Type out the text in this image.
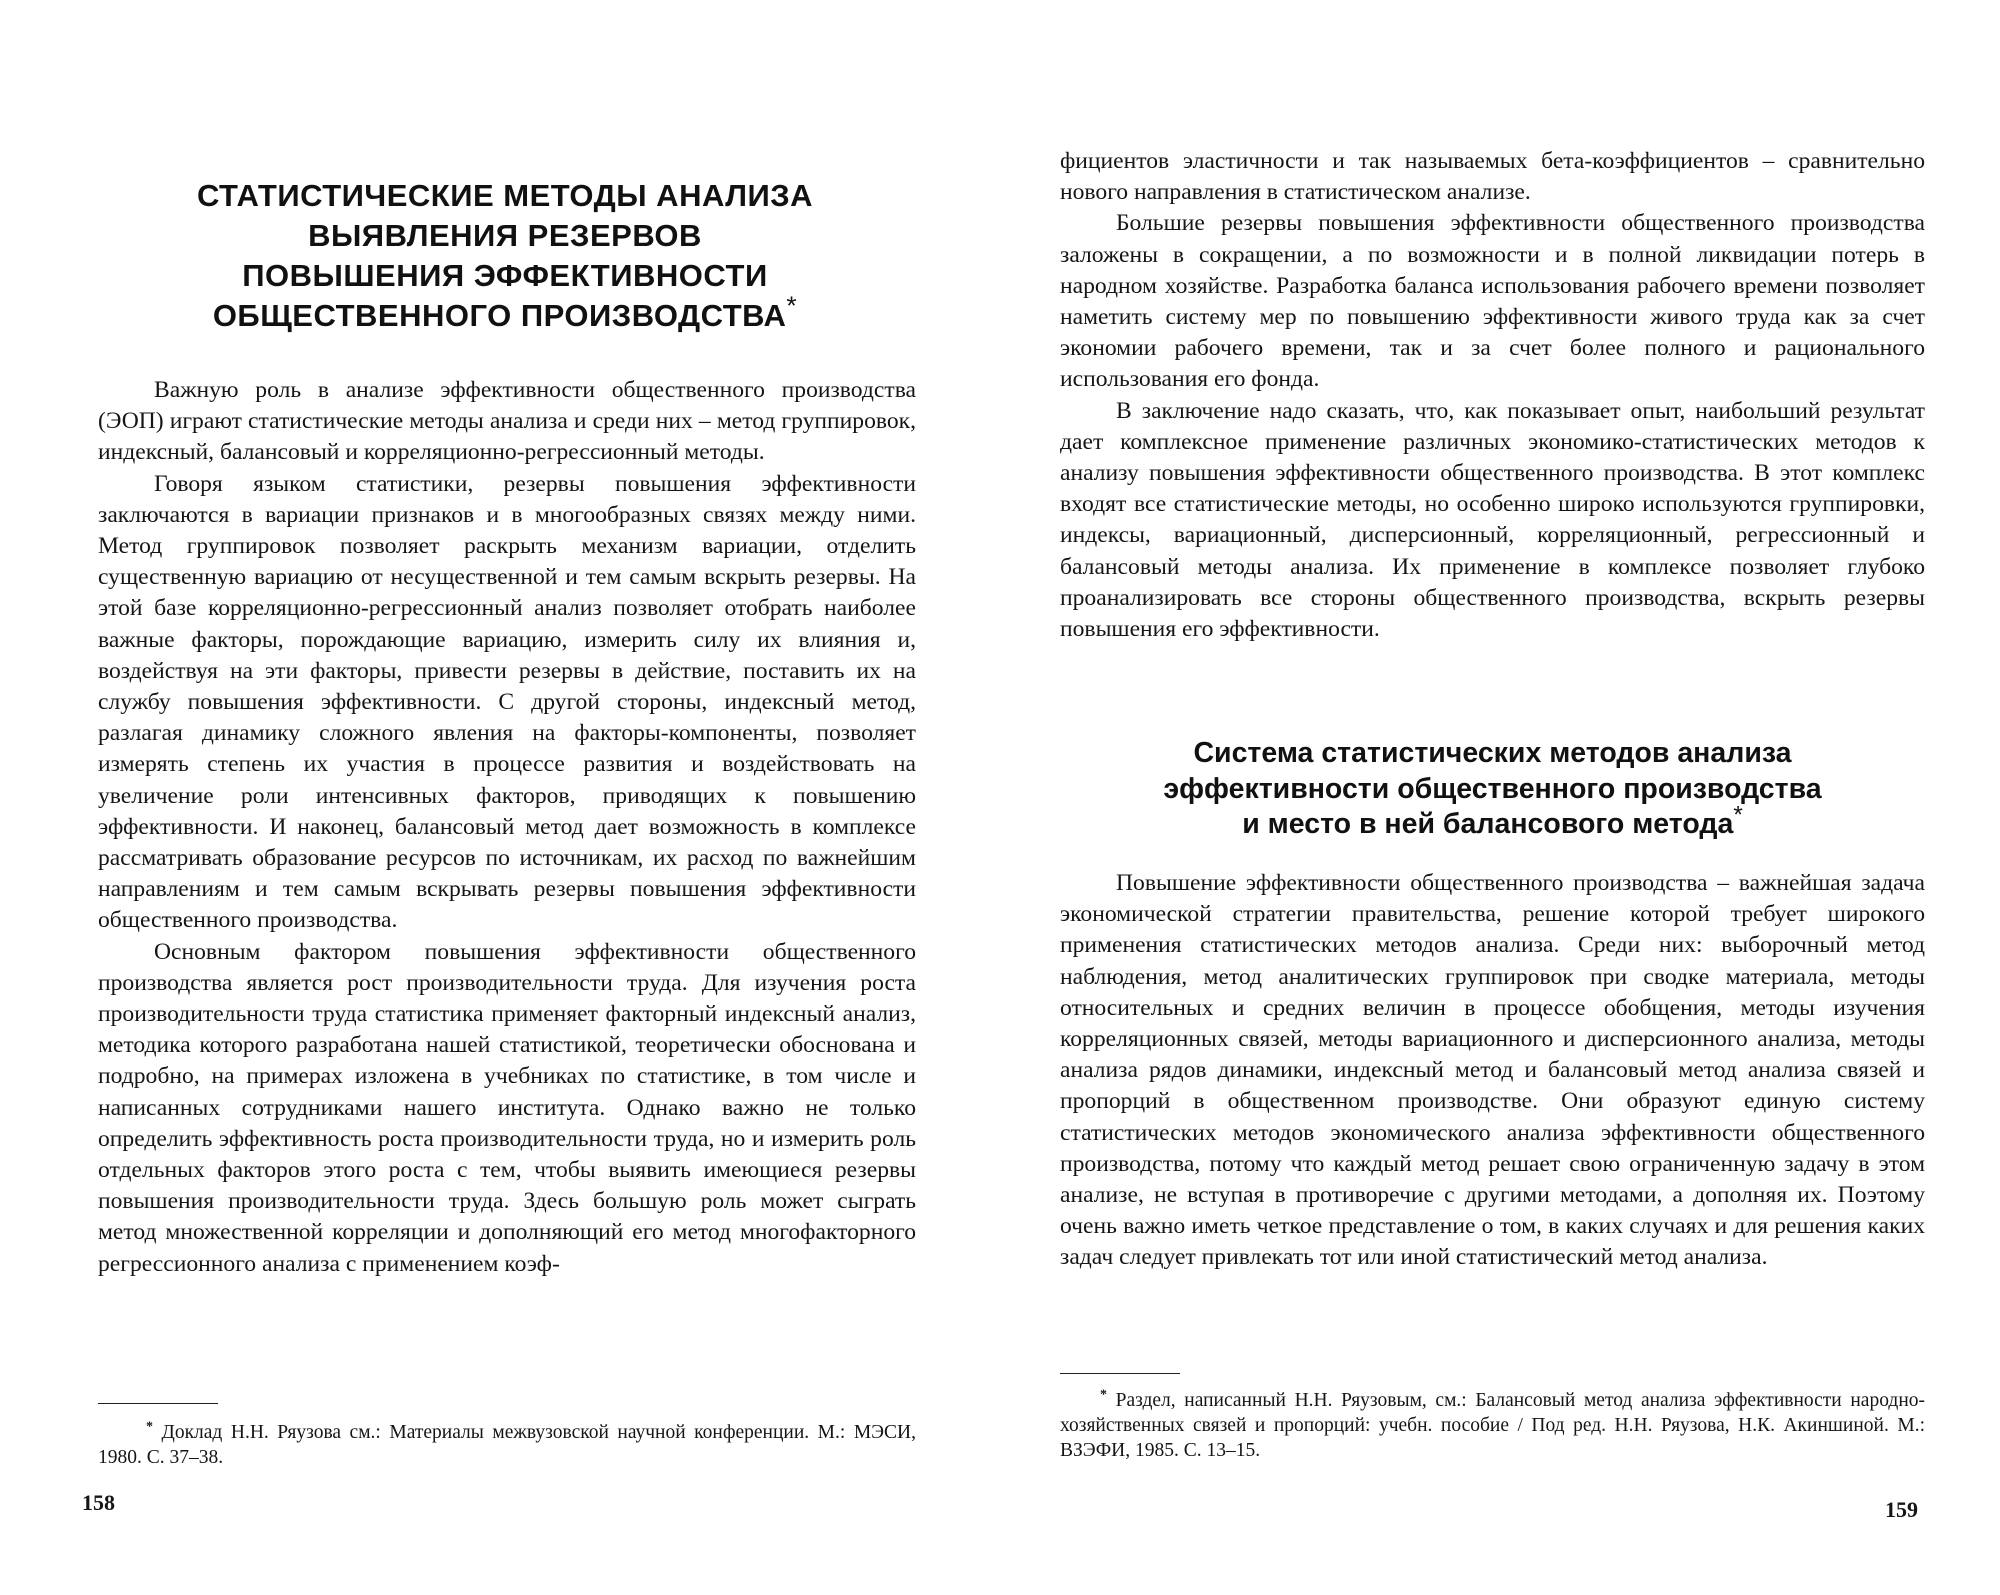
СТАТИСТИЧЕСКИЕ МЕТОДЫ АНАЛИЗА
ВЫЯВЛЕНИЯ РЕЗЕРВОВ
ПОВЫШЕНИЯ ЭФФЕКТИВНОСТИ
ОБЩЕСТВЕННОГО ПРОИЗВОДСТВА*

Важную роль в анализе эффективности общественного производства (ЭОП) играют статистические методы анализа и среди них – метод группировок, индексный, балансовый и корреляционно-регрессионный методы.

Говоря языком статистики, резервы повышения эффективности заключаются в вариации признаков и в многообразных связях между ними. Метод группировок позволяет раскрыть механизм вариации, отделить существенную вариацию от несущественной и тем самым вскрыть резервы. На этой базе корреляционно-регрессионный анализ позволяет отобрать наиболее важные факторы, порождающие вариацию, измерить силу их влияния и, воздействуя на эти факторы, привести резервы в действие, поставить их на службу повышения эффективности. С другой стороны, индексный метод, разлагая динамику сложного явления на факторы-компоненты, позволяет измерять степень их участия в процессе развития и воздействовать на увеличение роли интенсивных факторов, приводящих к повышению эффективности. И наконец, балансовый метод дает возможность в комплексе рассматривать образование ресурсов по источникам, их расход по важнейшим направлениям и тем самым вскрывать резервы повышения эффективности общественного производства.

Основным фактором повышения эффективности общественного производства является рост производительности труда. Для изучения роста производительности труда статистика применяет факторный индексный анализ, методика которого разработана нашей статистикой, теоретически обоснована и подробно, на примерах изложена в учебниках по статистике, в том числе и написанных сотрудниками нашего института. Однако важно не только определить эффективность роста производительности труда, но и измерить роль отдельных факторов этого роста с тем, чтобы выявить имеющиеся резервы повышения производительности труда. Здесь большую роль может сыграть метод множественной корреляции и дополняющий его метод многофакторного регрессионного анализа с применением коэф-

* Доклад Н.Н. Ряузова см.: Материалы межвузовской научной конференции. М.: МЭСИ, 1980. С. 37–38.
158

фициентов эластичности и так называемых бета-коэффициентов – сравнительно нового направления в статистическом анализе.

Большие резервы повышения эффективности общественного производства заложены в сокращении, а по возможности и в полной ликвидации потерь в народном хозяйстве. Разработка баланса использования рабочего времени позволяет наметить систему мер по повышению эффективности живого труда как за счет экономии рабочего времени, так и за счет более полного и рационального использования его фонда.

В заключение надо сказать, что, как показывает опыт, наибольший результат дает комплексное применение различных экономико-статистических методов к анализу повышения эффективности общественного производства. В этот комплекс входят все статистические методы, но особенно широко используются группировки, индексы, вариационный, дисперсионный, корреляционный, регрессионный и балансовый методы анализа. Их применение в комплексе позволяет глубоко проанализировать все стороны общественного производства, вскрыть резервы повышения его эффективности.

Система статистических методов анализа
эффективности общественного производства
и место в ней балансового метода*

Повышение эффективности общественного производства – важнейшая задача экономической стратегии правительства, решение которой требует широкого применения статистических методов анализа. Среди них: выборочный метод наблюдения, метод аналитических группировок при сводке материала, методы относительных и средних величин в процессе обобщения, методы изучения корреляционных связей, методы вариационного и дисперсионного анализа, методы анализа рядов динамики, индексный метод и балансовый метод анализа связей и пропорций в общественном производстве. Они образуют единую систему статистических методов экономического анализа эффективности общественного производства, потому что каждый метод решает свою ограниченную задачу в этом анализе, не вступая в противоречие с другими методами, а дополняя их. Поэтому очень важно иметь четкое представление о том, в каких случаях и для решения каких задач следует привлекать тот или иной статистический метод анализа.

* Раздел, написанный Н.Н. Ряузовым, см.: Балансовый метод анализа эффективности народно-хозяйственных связей и пропорций: учебн. пособие / Под ред. Н.Н. Ряузова, Н.К. Акиншиной. М.: ВЗЭФИ, 1985. С. 13–15.
159
